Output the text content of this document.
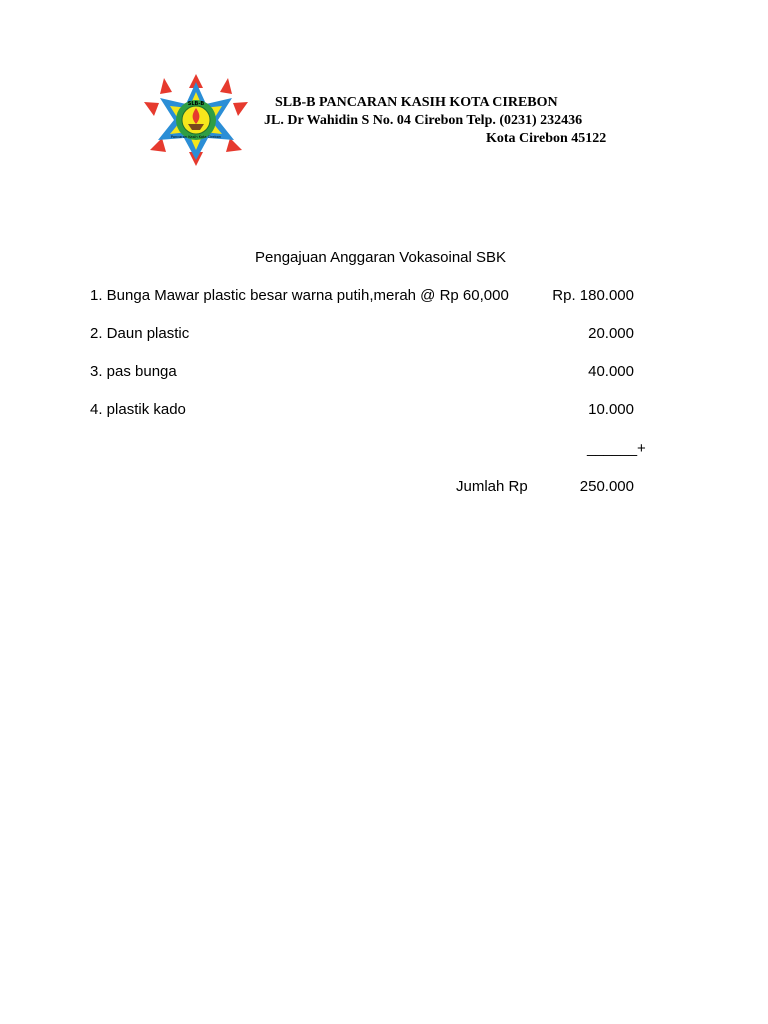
SLB-B
Pancaran Kasih Kota Cirebon
SLB-B PANCARAN KASIH KOTA CIREBON
JL. Dr Wahidin S No. 04 Cirebon Telp. (0231) 232436
Kota Cirebon 45122
Pengajuan Anggaran Vokasoinal SBK
1. Bunga Mawar plastic besar warna putih,merah @ Rp 60,000	Rp. 180.000
2. Daun plastic	20.000
3. pas bunga	40.000
4. plastik kado	10.000
______+
Jumlah Rp	250.000
